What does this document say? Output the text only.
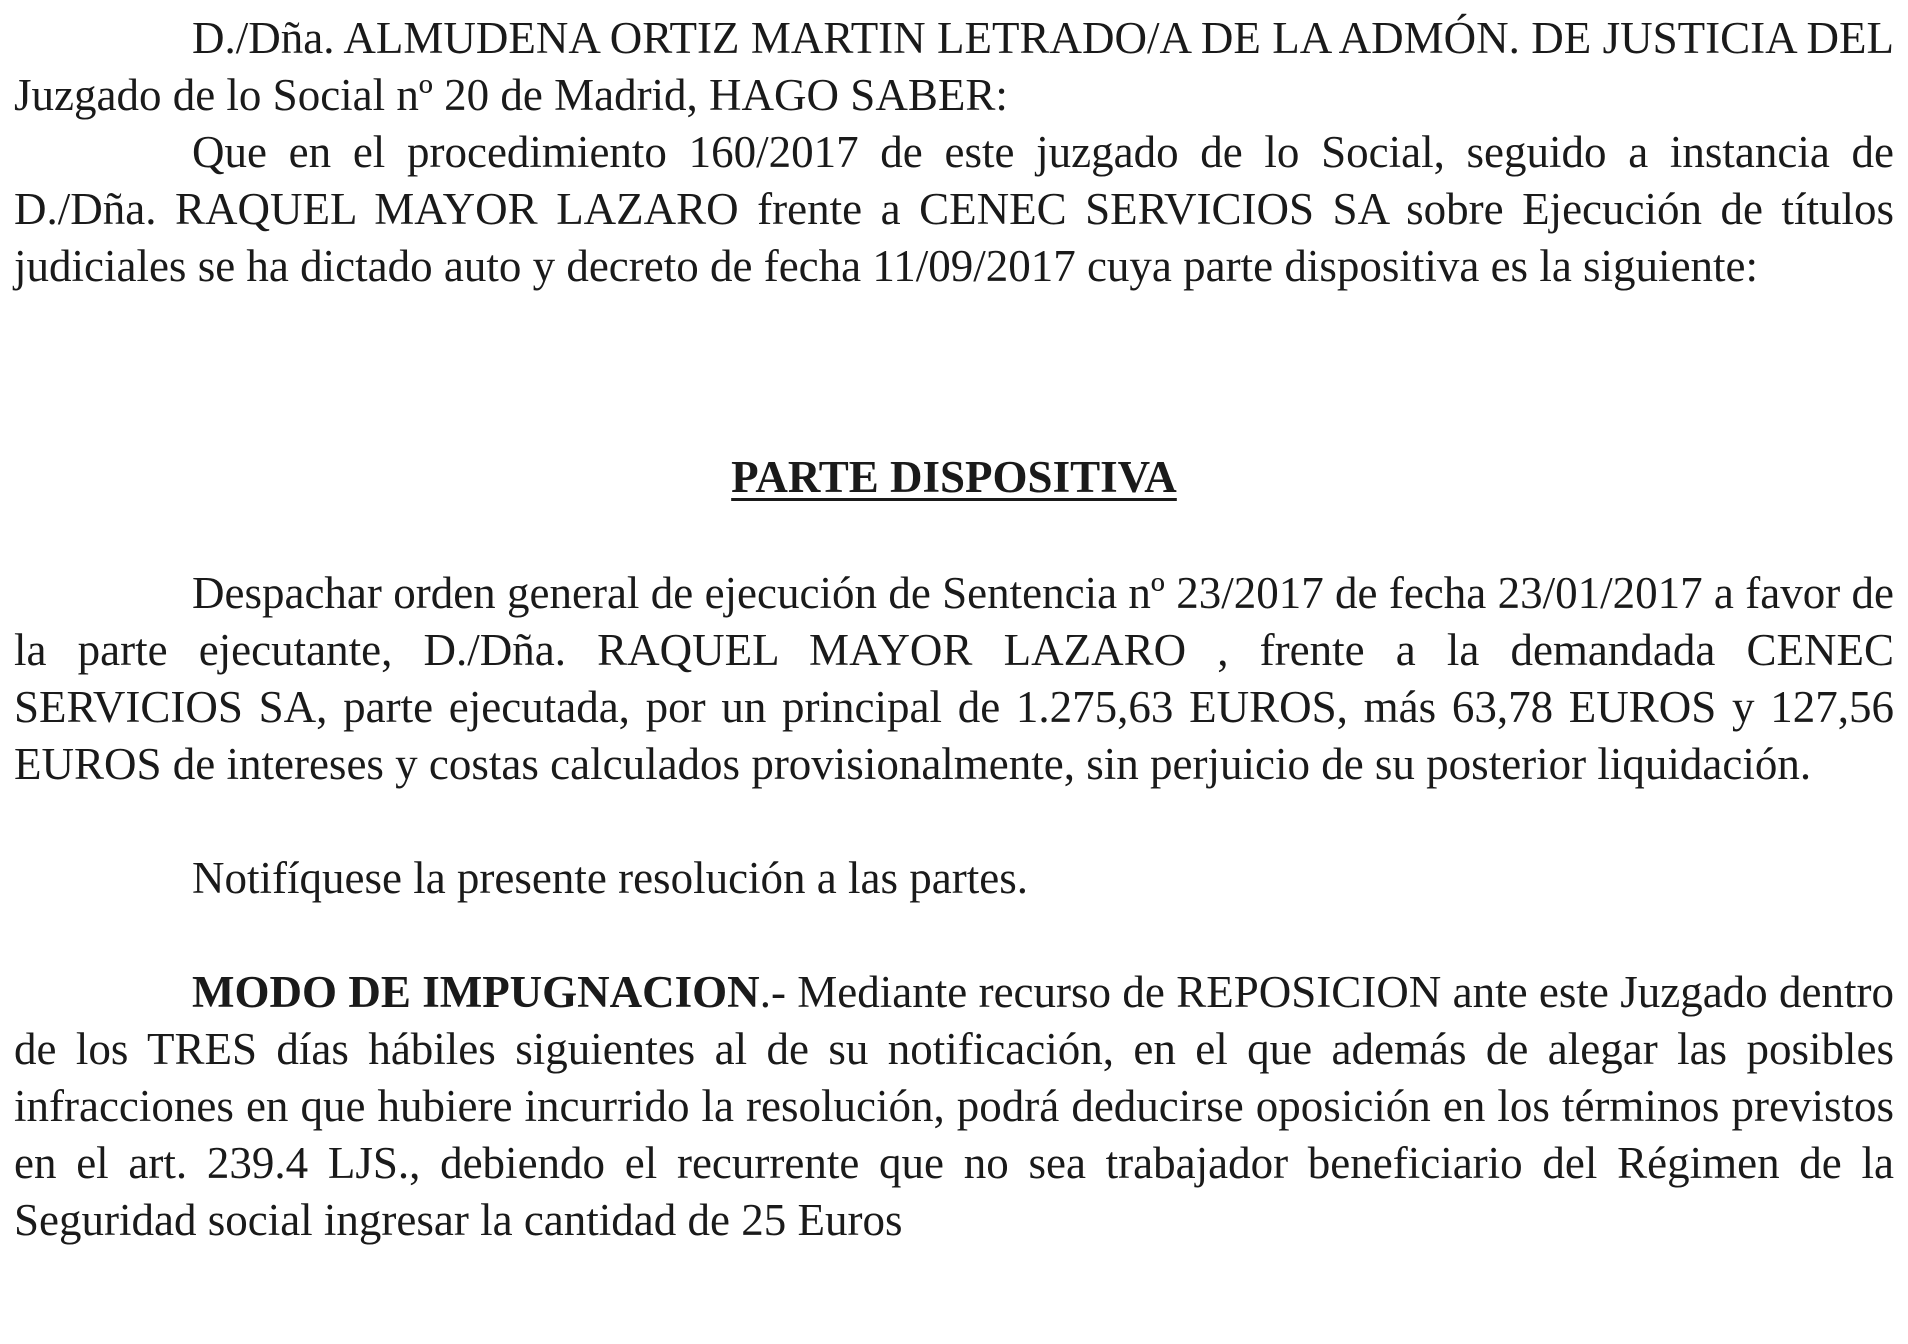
D./Dña. ALMUDENA ORTIZ MARTIN LETRADO/A DE LA ADMÓN. DE JUSTICIA DEL Juzgado de lo Social nº 20 de Madrid, HAGO SABER:

Que en el procedimiento 160/2017 de este juzgado de lo Social, seguido a instancia de D./Dña. RAQUEL MAYOR LAZARO frente a CENEC SERVICIOS SA sobre Ejecución de títulos judiciales se ha dictado auto y decreto de fecha 11/09/2017 cuya parte dispositiva es la siguiente:

PARTE DISPOSITIVA

Despachar orden general de ejecución de Sentencia nº 23/2017 de fecha 23/01/2017 a favor de la parte ejecutante, D./Dña. RAQUEL MAYOR LAZARO , frente a la demandada CENEC SERVICIOS SA, parte ejecutada, por un principal de 1.275,63 EUROS, más 63,78 EUROS y 127,56 EUROS de intereses y costas calculados provisionalmente, sin perjuicio de su posterior liquidación.

Notifíquese la presente resolución a las partes.

MODO DE IMPUGNACION.- Mediante recurso de REPOSICION ante este Juzgado dentro de los TRES días hábiles siguientes al de su notificación, en el que además de alegar las posibles infracciones en que hubiere incurrido la resolución, podrá deducirse oposición en los términos previstos en el art. 239.4 LJS., debiendo el recurrente que no sea trabajador beneficiario del Régimen de la Seguridad social ingresar la cantidad de 25 Euros
